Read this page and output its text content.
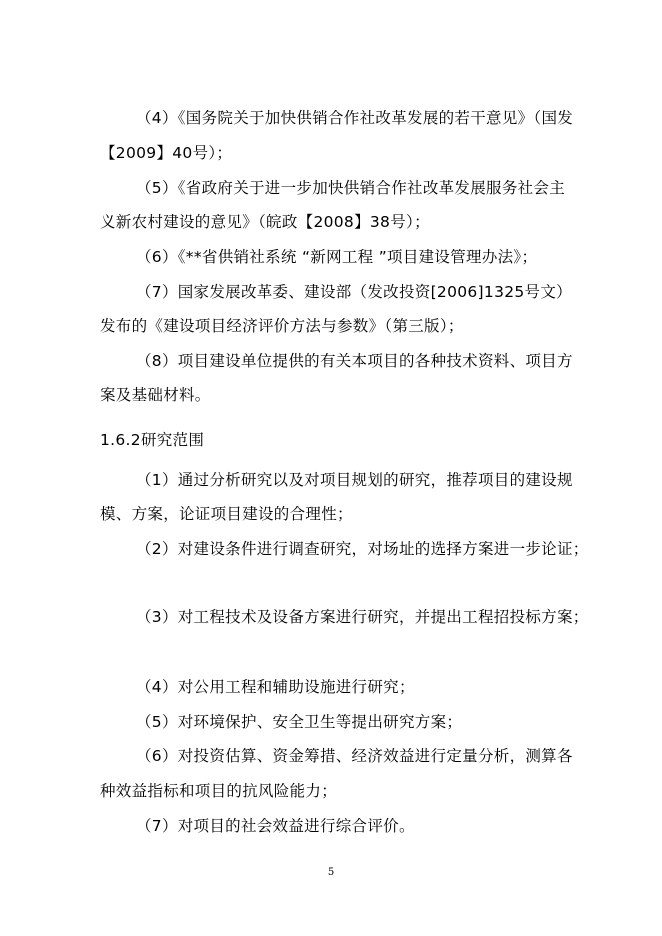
（4）《国务院关于加快供销合作社改革发展的若干意见》（国发
【2009】40号）；
（5）《省政府关于进一步加快供销合作社改革发展服务社会主
义新农村建设的意见》（皖政【2008】38号）；
（6）《**省供销社系统 “新网工程 ”项目建设管理办法》；
（7）国家发展改革委、建设部（发改投资[2006]1325号文）
发布的《建设项目经济评价方法与参数》（第三版）；
（8）项目建设单位提供的有关本项目的各种技术资料、项目方
案及基础材料。
1.6.2研究范围
（1）通过分析研究以及对项目规划的研究，推荐项目的建设规
模、方案，论证项目建设的合理性；
（2）对建设条件进行调查研究，对场址的选择方案进一步论证；
（3）对工程技术及设备方案进行研究，并提出工程招投标方案；
（4）对公用工程和辅助设施进行研究；
（5）对环境保护、安全卫生等提出研究方案；
（6）对投资估算、资金筹措、经济效益进行定量分析，测算各
种效益指标和项目的抗风险能力；
（7）对项目的社会效益进行综合评价。
5
